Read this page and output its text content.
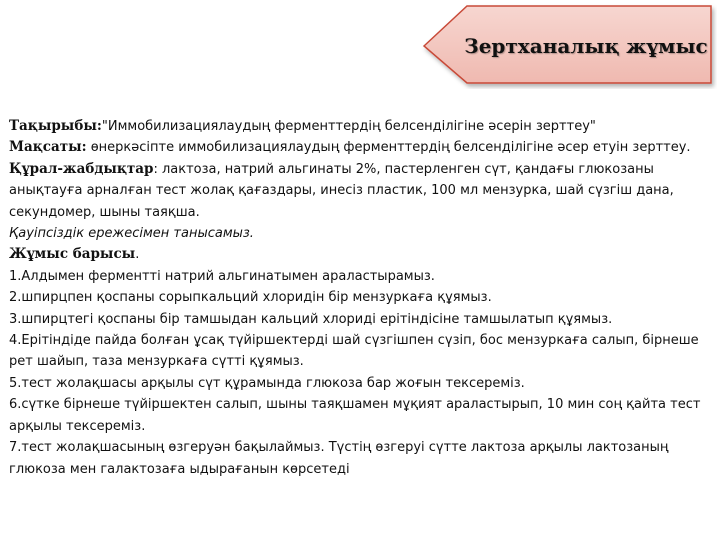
Зертханалық жұмыс

Тақырыбы:"Иммобилизациялаудың ферменттердің белсенділігіне әсерін зерттеу"

Мақсаты: өнеркәсіпте иммобилизациялаудың ферменттердің белсенділігіне әсер етуін зерттеу.

Құрал-жабдықтар: лактоза, натрий альгинаты 2%, пастерленген сүт, қандағы глюкозаны анықтауға арналған тест жолақ қағаздары, инесіз пластик, 100 мл мензурка, шай сүзгіш дана, секундомер, шыны таяқша.

Қауіпсіздік ережесімен танысамыз.

Жұмыс барысы.

1.Алдымен ферментті натрий альгинатымен араластырамыз.

2.шпирцпен қоспаны сорыпкальций хлоридін бір мензуркаға құямыз.

3.шпирцтегі қоспаны бір тамшыдан кальций хлориді ерітіндісіне тамшылатып құямыз.

4.Ерітіндіде пайда болған ұсақ түйіршектерді шай сүзгішпен сүзіп, бос мензуркаға салып, бірнеше рет шайып, таза мензуркаға сүтті құямыз.

5.тест жолақшасы арқылы сүт құрамында глюкоза бар жоғын тексереміз.

6.сүтке бірнеше түйіршектен салып, шыны таяқшамен мұқият араластырып, 10 мин соң қайта тест арқылы тексереміз.

7.тест жолақшасының өзгеруән бақылаймыз. Түстің өзгеруі сүтте лактоза арқылы лактозаның глюкоза мен галактозаға ыдырағанын көрсетеді
